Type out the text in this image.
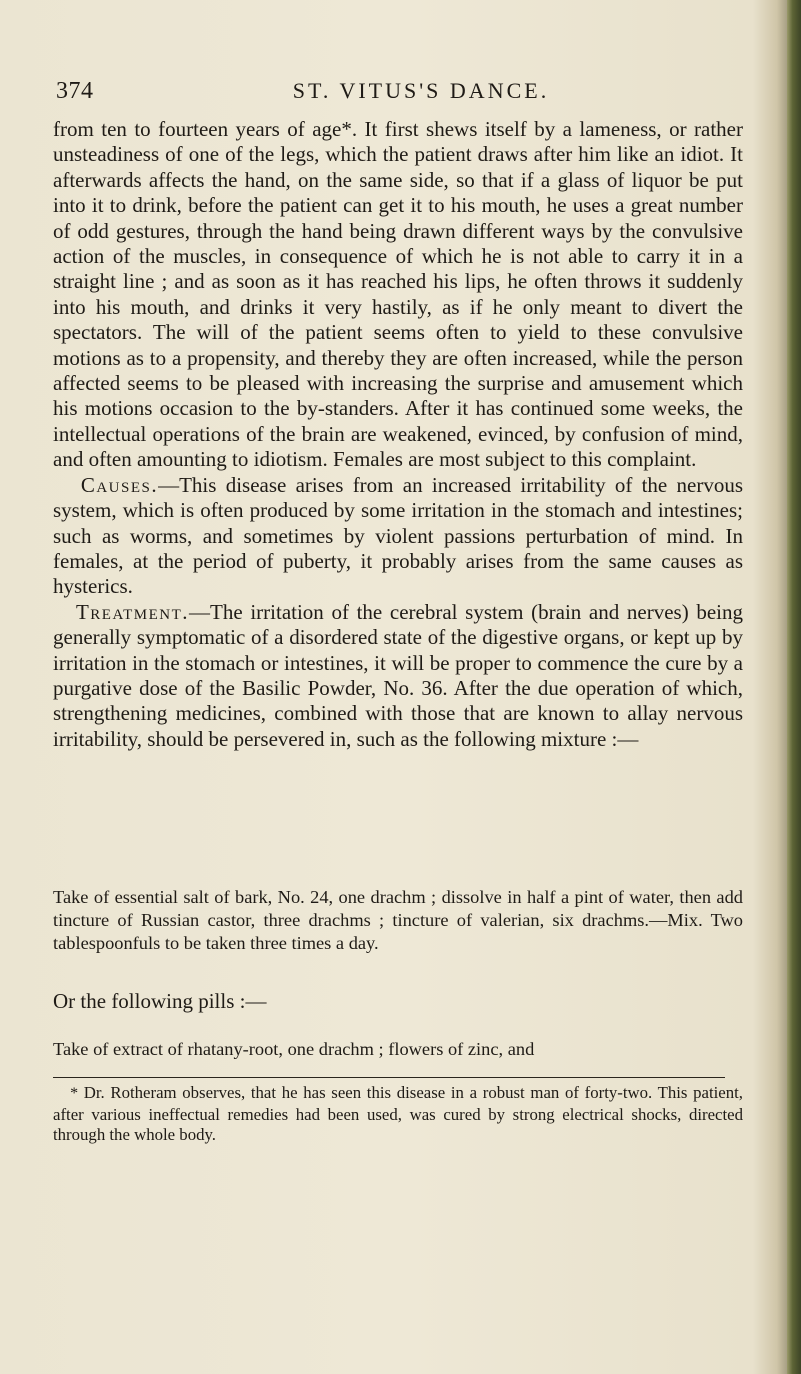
374	ST. VITUS'S DANCE.

from ten to fourteen years of age*. It first shews itself by a lameness, or rather unsteadiness of one of the legs, which the patient draws after him like an idiot. It afterwards affects the hand, on the same side, so that if a glass of liquor be put into it to drink, before the patient can get it to his mouth, he uses a great number of odd gestures, through the hand being drawn different ways by the convulsive action of the muscles, in consequence of which he is not able to carry it in a straight line ; and as soon as it has reached his lips, he often throws it suddenly into his mouth, and drinks it very hastily, as if he only meant to divert the spectators. The will of the patient seems often to yield to these convulsive motions as to a propensity, and thereby they are often increased, while the person affected seems to be pleased with increasing the surprise and amusement which his motions occasion to the by-standers. After it has continued some weeks, the intellectual operations of the brain are weakened, evinced, by confusion of mind, and often amounting to idiotism. Females are most subject to this complaint.

Causes.—This disease arises from an increased irritability of the nervous system, which is often produced by some irritation in the stomach and intestines; such as worms, and sometimes by violent passions perturbation of mind. In females, at the period of puberty, it probably arises from the same causes as hysterics.

Treatment.—The irritation of the cerebral system (brain and nerves) being generally symptomatic of a disordered state of the digestive organs, or kept up by irritation in the stomach or intestines, it will be proper to commence the cure by a purgative dose of the Basilic Powder, No. 36. After the due operation of which, strengthening medicines, combined with those that are known to allay nervous irritability, should be persevered in, such as the following mixture :—

Take of essential salt of bark, No. 24, one drachm ; dissolve in half a pint of water, then add tincture of Russian castor, three drachms ; tincture of valerian, six drachms.—Mix. Two tablespoonfuls to be taken three times a day.

Or the following pills :—
Take of extract of rhatany-root, one drachm ; flowers of zinc, and

* Dr. Rotheram observes, that he has seen this disease in a robust man of forty-two. This patient, after various ineffectual remedies had been used, was cured by strong electrical shocks, directed through the whole body.
